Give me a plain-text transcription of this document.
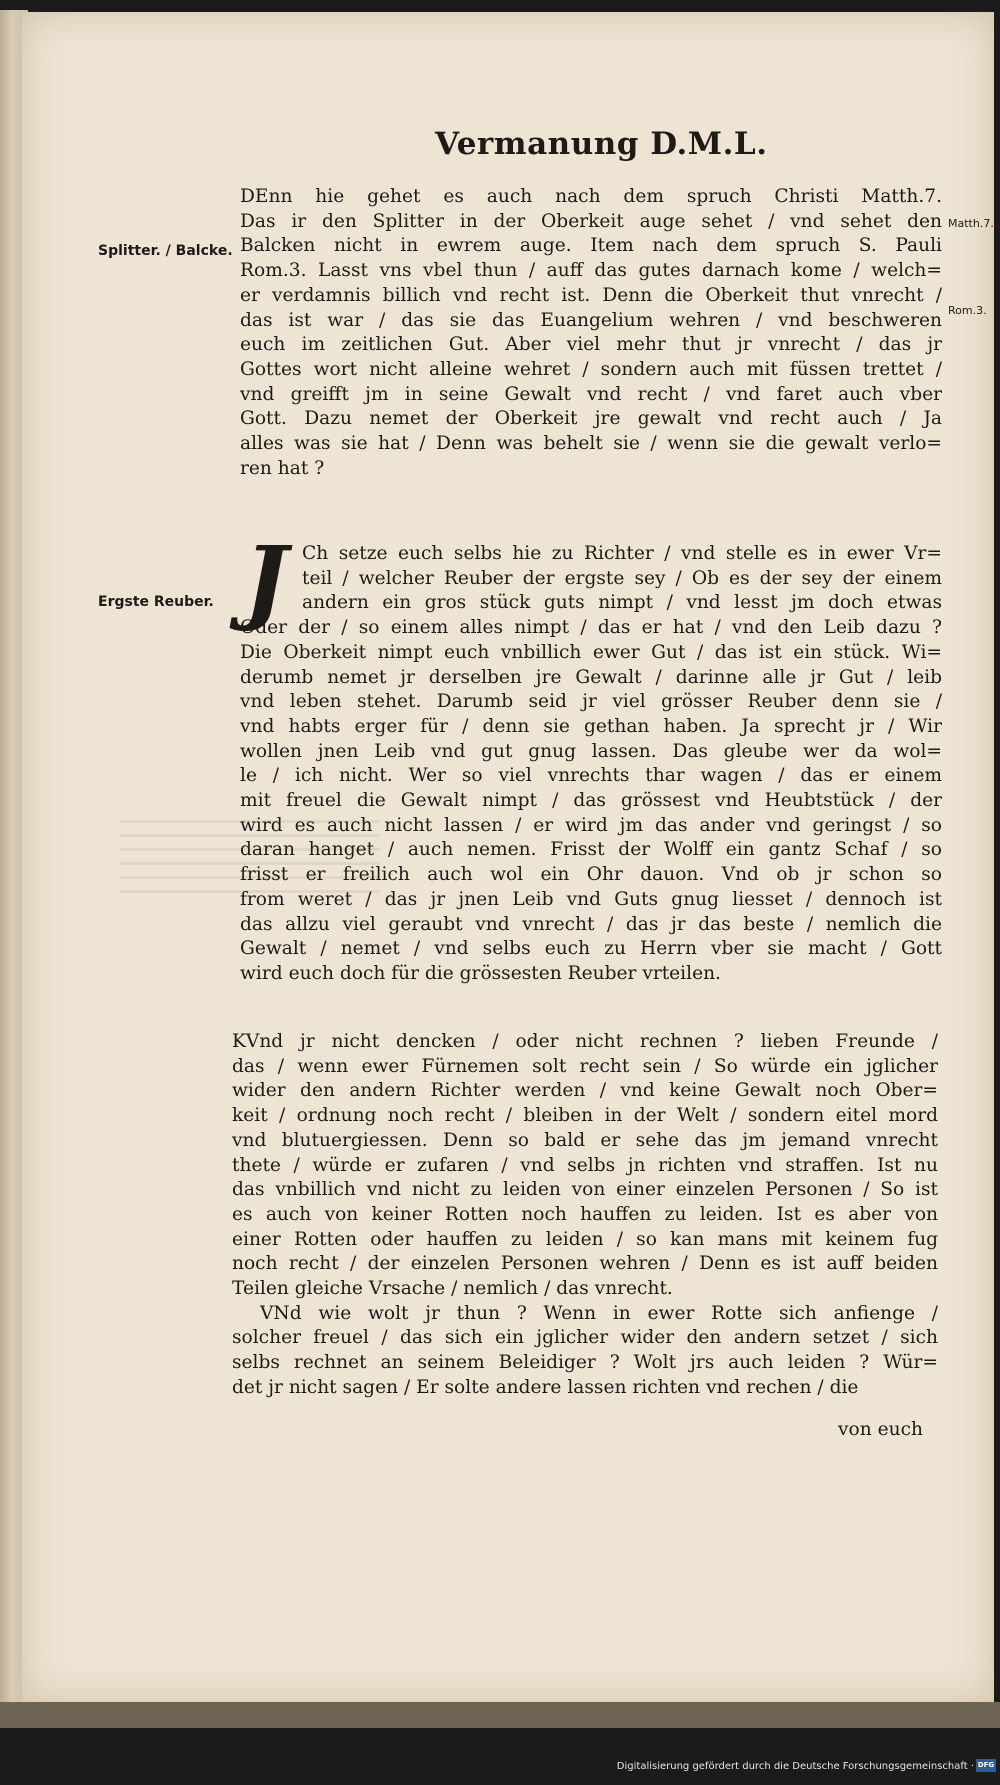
Vermanung D.M.L.
Splitter. / Balcke.
Ergste Reuber.
Matth.7.
Rom.3.
DEnn hie gehet es auch nach dem spruch Christi Matth.7.
Das ir den Splitter in der Oberkeit auge sehet / vnd sehet den
Balcken nicht in ewrem auge. Item nach dem spruch S. Pauli
Rom.3. Lasst vns vbel thun / auff das gutes darnach kome / welch=
er verdamnis billich vnd recht ist. Denn die Oberkeit thut vnrecht /
das ist war / das sie das Euangelium wehren / vnd beschweren
euch im zeitlichen Gut. Aber viel mehr thut jr vnrecht / das jr
Gottes wort nicht alleine wehret / sondern auch mit füssen trettet /
vnd greifft jm in seine Gewalt vnd recht / vnd faret auch vber
Gott. Dazu nemet der Oberkeit jre gewalt vnd recht auch / Ja
alles was sie hat / Denn was behelt sie / wenn sie die gewalt verlo=
ren hat ?
J Ch setze euch selbs hie zu Richter / vnd stelle es in ewer Vr=
teil / welcher Reuber der ergste sey / Ob es der sey der einem
andern ein gros stück guts nimpt / vnd lesst jm doch etwas
Oder der / so einem alles nimpt / das er hat / vnd den Leib dazu ?
Die Oberkeit nimpt euch vnbillich ewer Gut / das ist ein stück. Wi=
derumb nemet jr derselben jre Gewalt / darinne alle jr Gut / leib
vnd leben stehet. Darumb seid jr viel grösser Reuber denn sie /
vnd habts erger für / denn sie gethan haben. Ja sprecht jr / Wir
wollen jnen Leib vnd gut gnug lassen. Das gleube wer da wol=
le / ich nicht. Wer so viel vnrechts thar wagen / das er einem
mit freuel die Gewalt nimpt / das grössest vnd Heubtstück / der
wird es auch nicht lassen / er wird jm das ander vnd geringst / so
daran hanget / auch nemen. Frisst der Wolff ein gantz Schaf / so
frisst er freilich auch wol ein Ohr dauon. Vnd ob jr schon so
from weret / das jr jnen Leib vnd Guts gnug liesset / dennoch ist
das allzu viel geraubt vnd vnrecht / das jr das beste / nemlich die
Gewalt / nemet / vnd selbs euch zu Herrn vber sie macht / Gott
wird euch doch für die grössesten Reuber vrteilen.
KVnd jr nicht dencken / oder nicht rechnen ? lieben Freunde /
das / wenn ewer Fürnemen solt recht sein / So würde ein jglicher
wider den andern Richter werden / vnd keine Gewalt noch Ober=
keit / ordnung noch recht / bleiben in der Welt / sondern eitel mord
vnd blutuergiessen. Denn so bald er sehe das jm jemand vnrecht
thete / würde er zufaren / vnd selbs jn richten vnd straffen. Ist nu
das vnbillich vnd nicht zu leiden von einer einzelen Personen / So ist
es auch von keiner Rotten noch hauffen zu leiden. Ist es aber von
einer Rotten oder hauffen zu leiden / so kan mans mit keinem fug
noch recht / der einzelen Personen wehren / Denn es ist auff beiden
Teilen gleiche Vrsache / nemlich / das vnrecht.
VNd wie wolt jr thun ? Wenn in ewer Rotte sich anfienge /
solcher freuel / das sich ein jglicher wider den andern setzet / sich
selbs rechnet an seinem Beleidiger ? Wolt jrs auch leiden ? Wür=
det jr nicht sagen / Er solte andere lassen richten vnd rechen / die
von euch
Digitalisierung gefördert durch die Deutsche Forschungsgemeinschaft · DFG
